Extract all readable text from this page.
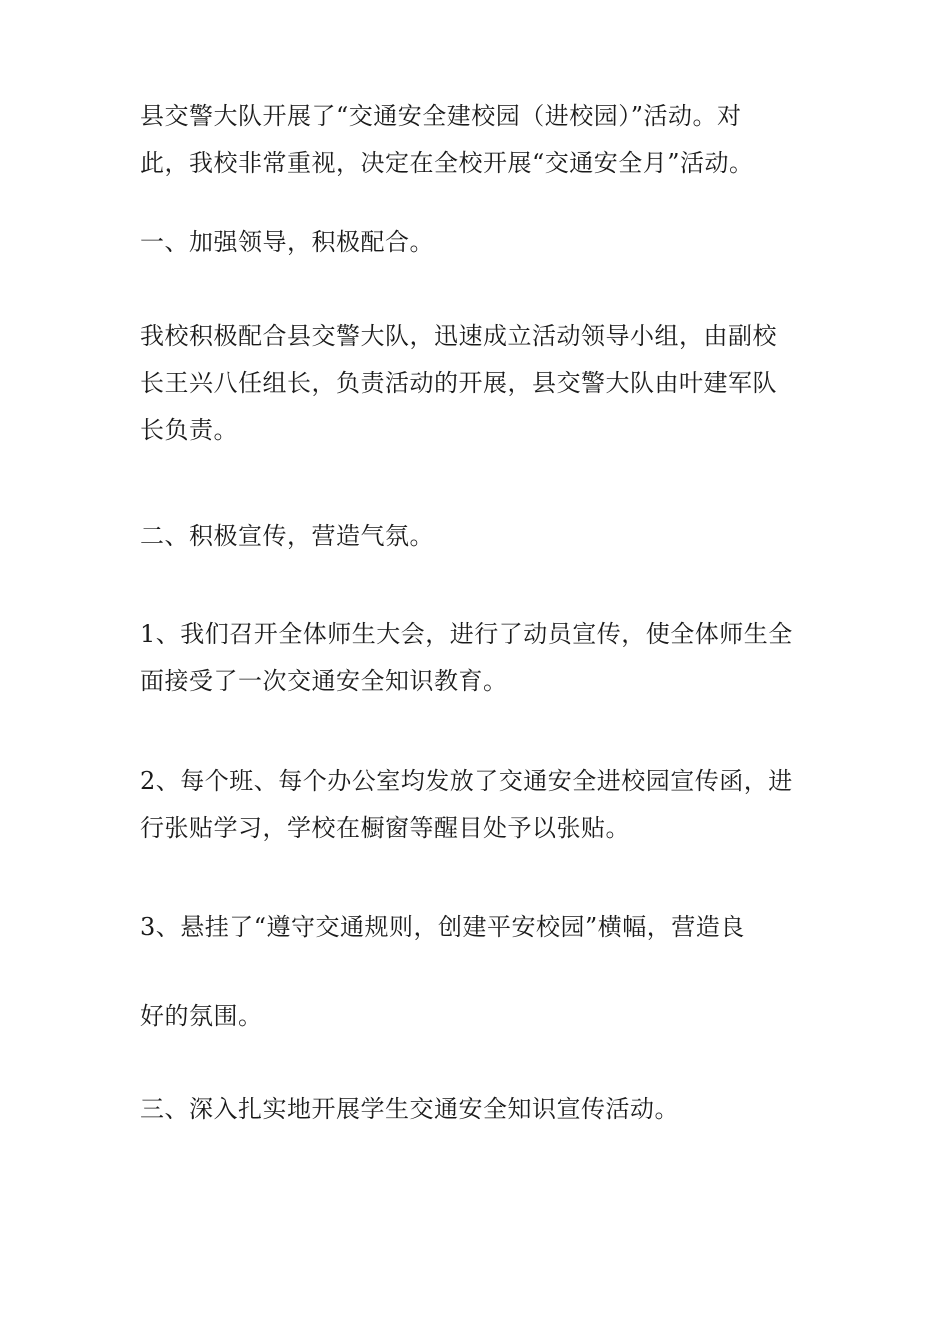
县交警大队开展了“交通安全建校园（进校园）”活动。对
此，我校非常重视，决定在全校开展“交通安全月”活动。
一、加强领导，积极配合。
我校积极配合县交警大队，迅速成立活动领导小组，由副校
长王兴八任组长，负责活动的开展，县交警大队由叶建军队
长负责。
二、积极宣传，营造气氛。
1、我们召开全体师生大会，进行了动员宣传，使全体师生全
面接受了一次交通安全知识教育。
2、每个班、每个办公室均发放了交通安全进校园宣传函，进
行张贴学习，学校在橱窗等醒目处予以张贴。
3、悬挂了“遵守交通规则，创建平安校园”横幅，营造良
好的氛围。
三、深入扎实地开展学生交通安全知识宣传活动。
